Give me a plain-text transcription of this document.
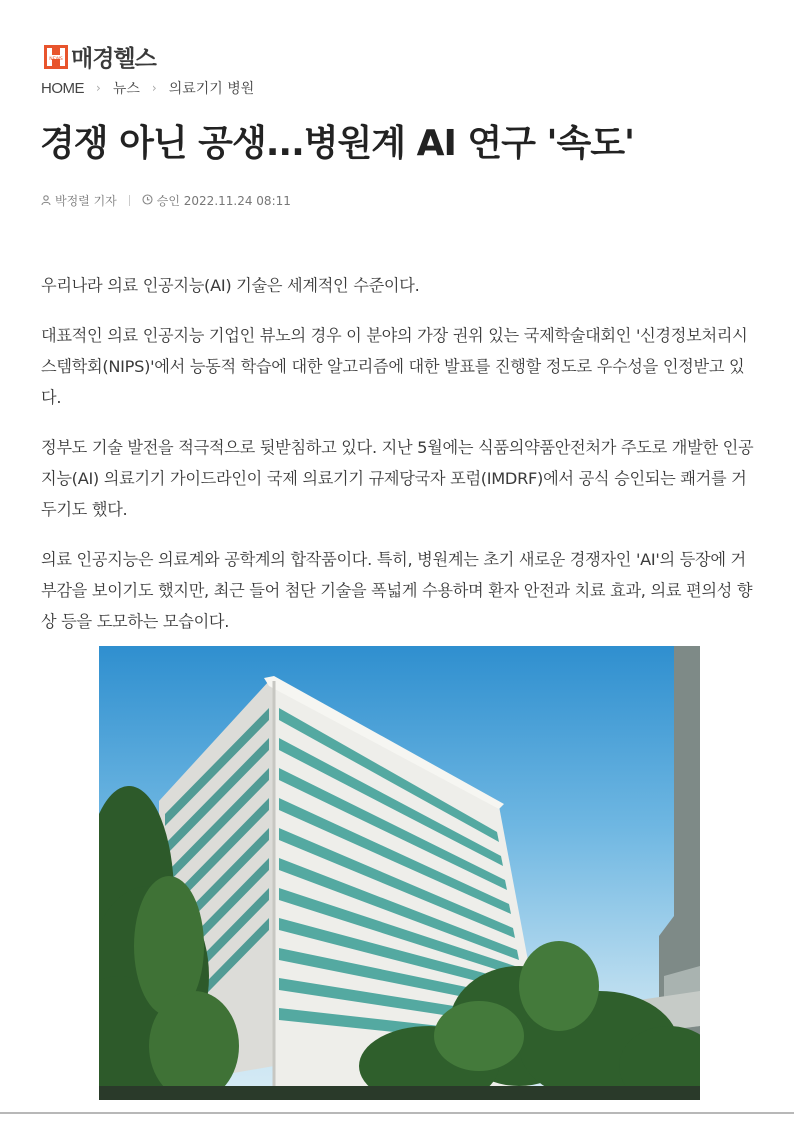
NEWS 매경헬스
HOME › 뉴스 › 의료기기 병원
경쟁 아닌 공생...병원계 AI 연구 '속도'
박정렬 기자	승인 2022.11.24 08:11

우리나라 의료 인공지능(AI) 기술은 세계적인 수준이다.

대표적인 의료 인공지능 기업인 뷰노의 경우 이 분야의 가장 권위 있는 국제학술대회인 '신경정보처리시스템학회(NIPS)'에서 능동적 학습에 대한 알고리즘에 대한 발표를 진행할 정도로 우수성을 인정받고 있다.

정부도 기술 발전을 적극적으로 뒷받침하고 있다. 지난 5월에는 식품의약품안전처가 주도로 개발한 인공지능(AI) 의료기기 가이드라인이 국제 의료기기 규제당국자 포럼(IMDRF)에서 공식 승인되는 쾌거를 거두기도 했다.

의료 인공지능은 의료계와 공학계의 합작품이다. 특히, 병원계는 초기 새로운 경쟁자인 'AI'의 등장에 거부감을 보이기도 했지만, 최근 들어 첨단 기술을 폭넓게 수용하며 환자 안전과 치료 효과, 의료 편의성 향상 등을 도모하는 모습이다.
